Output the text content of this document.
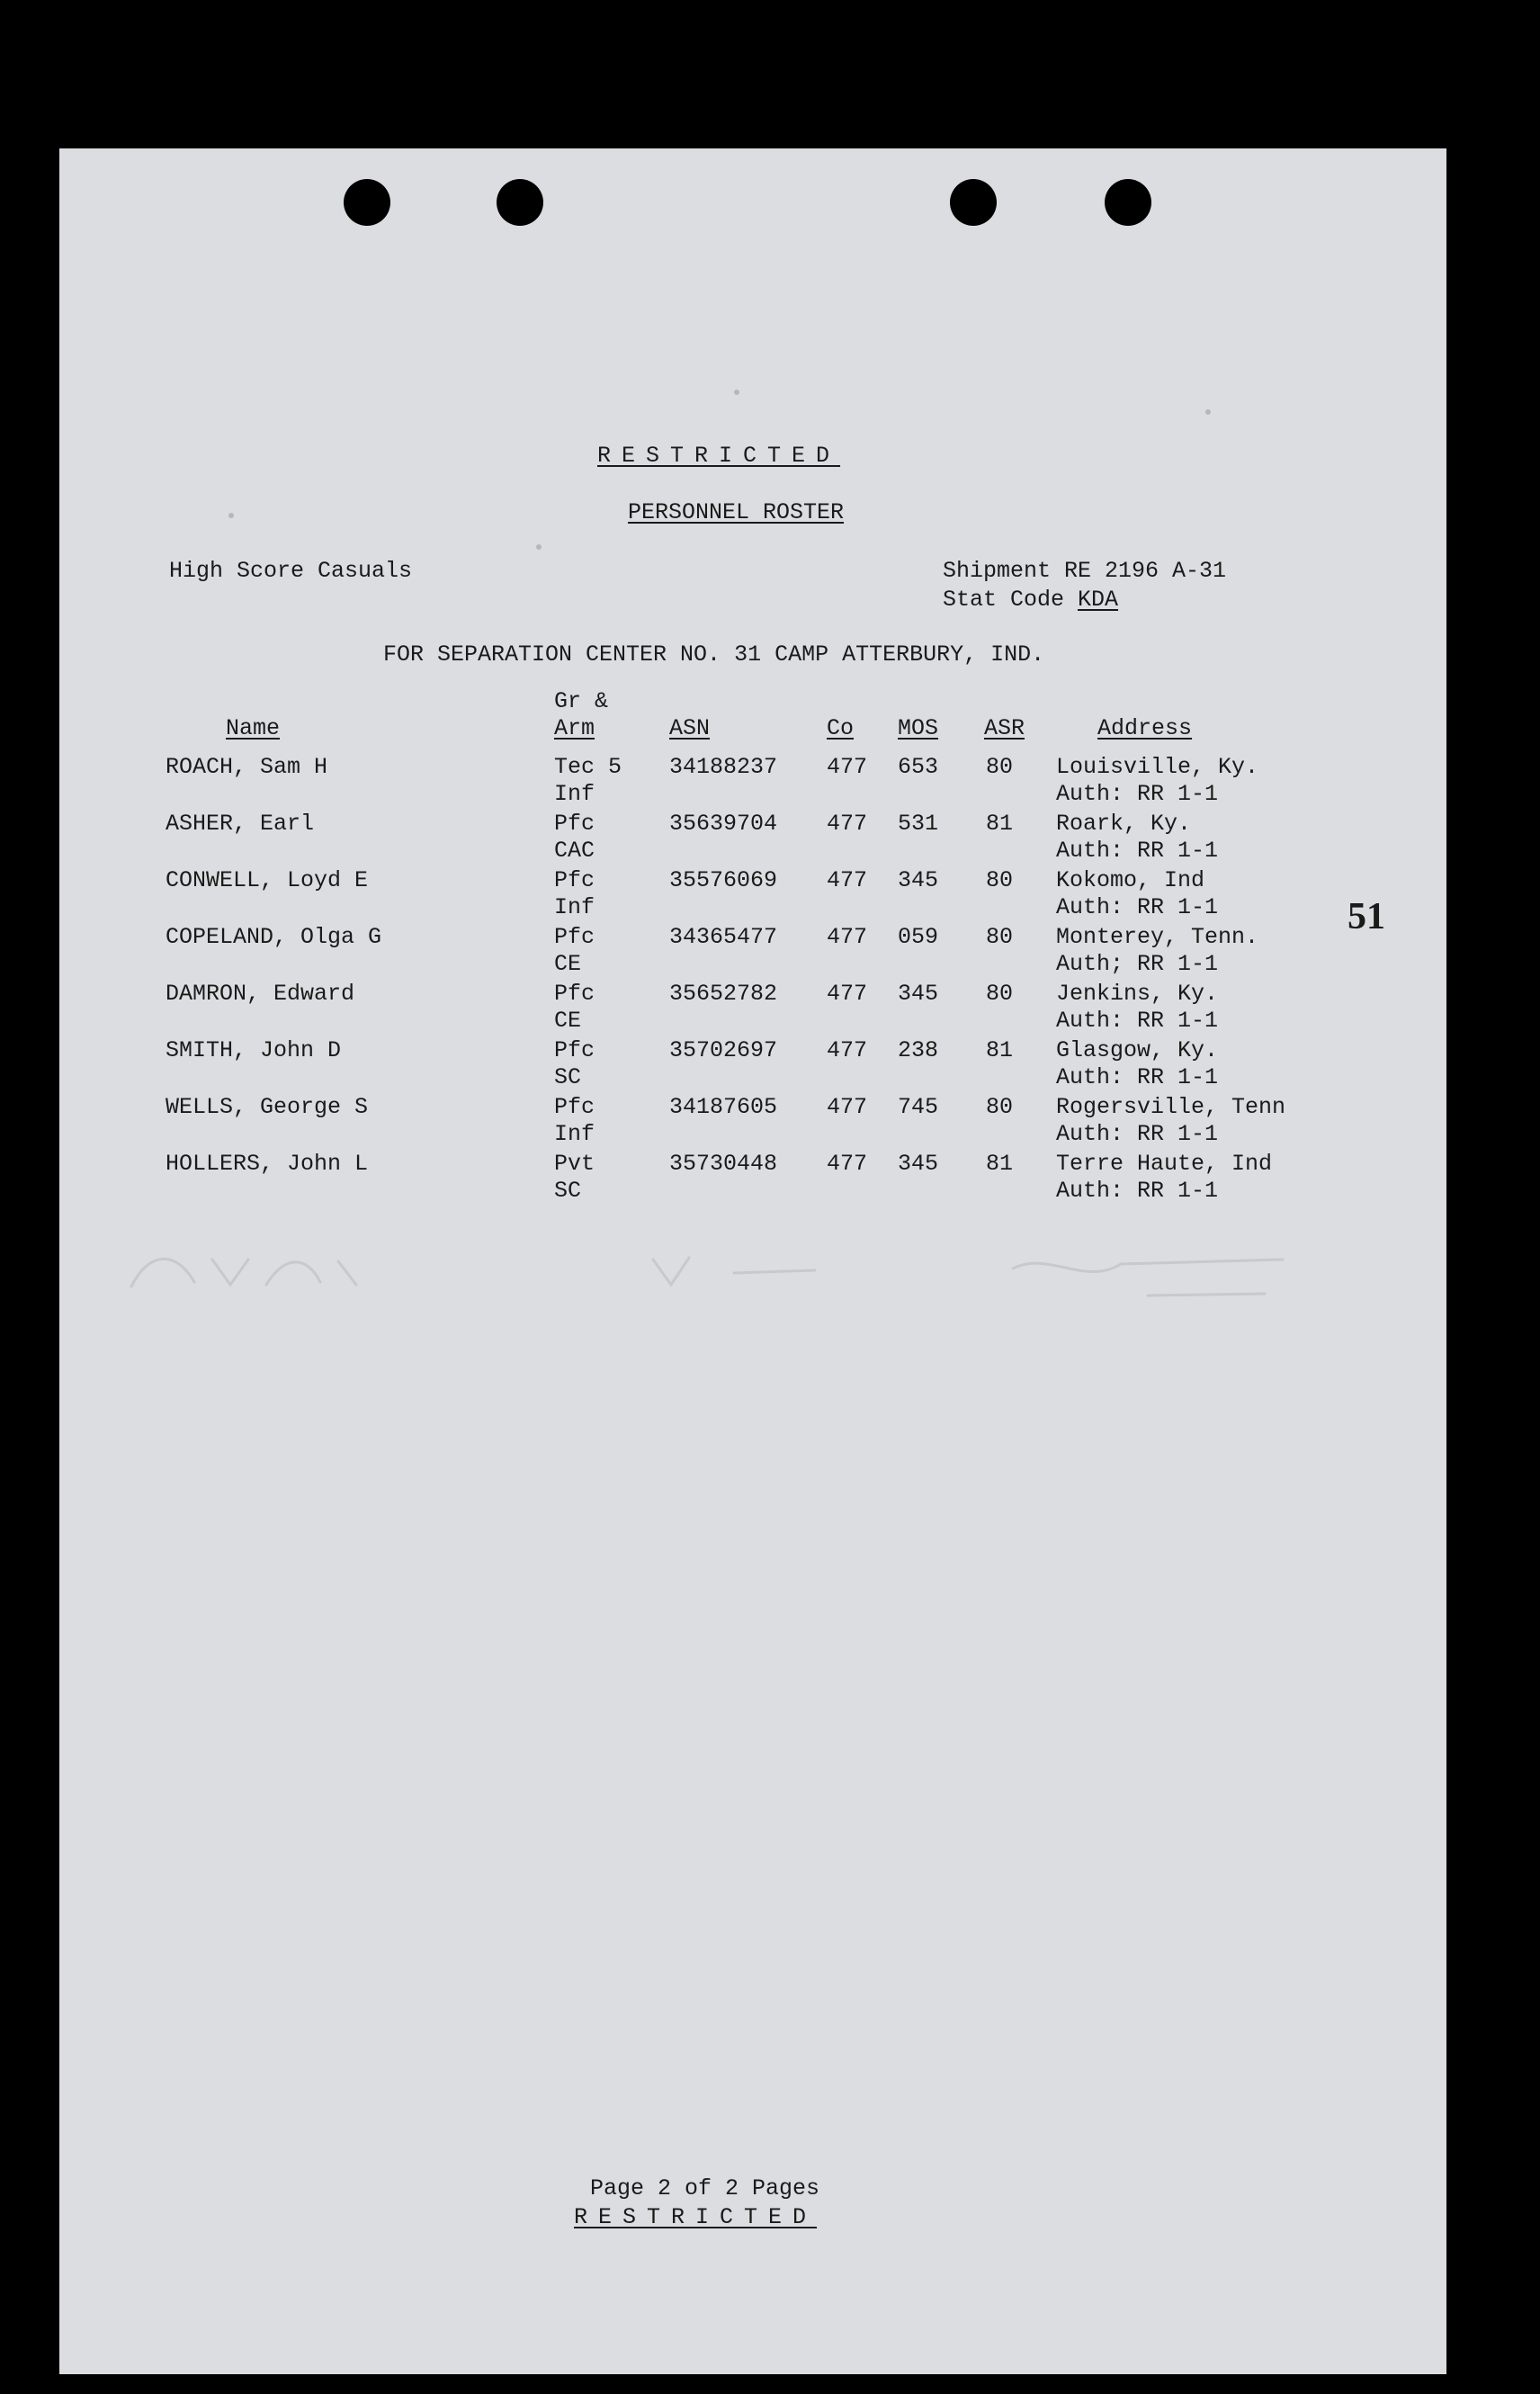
RESTRICTED
PERSONNEL ROSTER
High Score Casuals	Shipment RE 2196 A-31
Stat Code KDA
FOR SEPARATION CENTER NO. 31 CAMP ATTERBURY, IND.
Name
Gr &
Arm	ASN	Co MOS ASR	Address
ROACH, Sam H	Tec 5 34188237 477 653 80 Louisville, Ky.
Inf	Auth: RR 1-1
ASHER, Earl	Pfc	35639704 477 531 81 Roark, Ky.
CAC	Auth: RR 1-1
CONWELL, Loyd E	Pfc	35576069 477 345 80 Kokomo, Ind
Inf	Auth: RR 1-1
COPELAND, Olga G	Pfc	34365477 477 059 80 Monterey, Tenn.
CE	Auth; RR 1-1
DAMRON, Edward	Pfc	35652782 477 345 80 Jenkins, Ky.
CE	Auth: RR 1-1
SMITH, John D	Pfc	35702697 477 238 81 Glasgow, Ky.
SC	Auth: RR 1-1
WELLS, George S	Pfc	34187605 477 745 80 Rogersville, Tenn
Inf	Auth: RR 1-1
HOLLERS, John L	Pvt	35730448 477 345 81 Terre Haute, Ind
SC	Auth: RR 1-1
51
Page 2 of 2 Pages
RESTRICTED
